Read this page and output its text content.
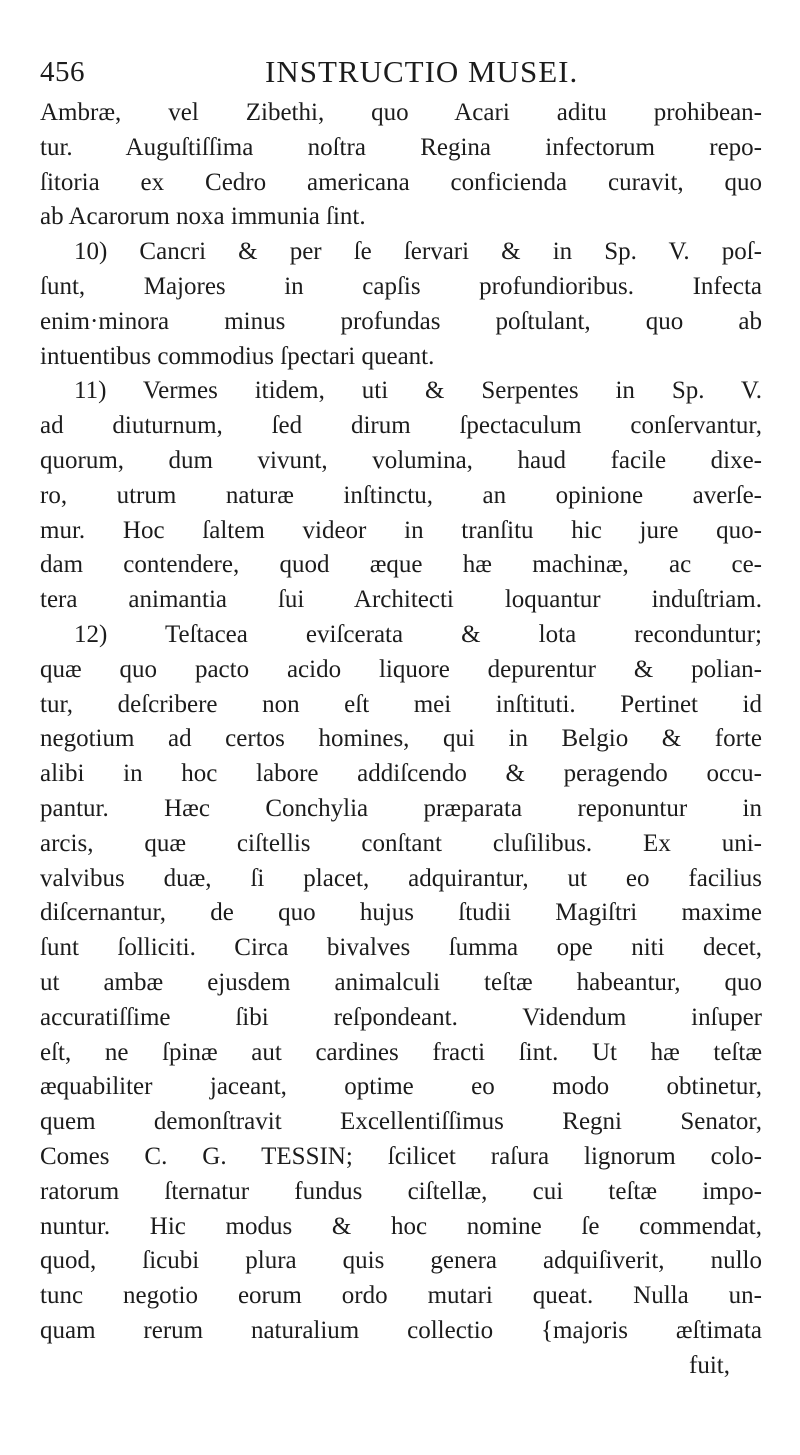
456	INSTRUCTIO MUSEI.
Ambræ, vel Zibethi, quo Acari aditu prohibean-
tur. Auguſtiſſima noſtra Regina infectorum repo-
ſitoria ex Cedro americana conficienda curavit, quo
ab Acarorum noxa immunia ſint.
10) Cancri & per ſe ſervari & in Sp. V. poſ-
ſunt, Majores in capſis profundioribus. Infecta
enim·minora minus profundas poſtulant, quo ab
intuentibus commodius ſpectari queant.
11) Vermes itidem, uti & Serpentes in Sp. V.
ad diuturnum, ſed dirum ſpectaculum conſervantur,
quorum, dum vivunt, volumina, haud facile dixe-
ro, utrum naturæ inſtinctu, an opinione averſe-
mur. Hoc ſaltem videor in tranſitu hic jure quo-
dam contendere, quod æque hæ machinæ, ac ce-
tera animantia ſui Architecti loquantur induſtriam.
12) Teſtacea eviſcerata & lota reconduntur;
quæ quo pacto acido liquore depurentur & polian-
tur, deſcribere non eſt mei inſtituti. Pertinet id
negotium ad certos homines, qui in Belgio & forte
alibi in hoc labore addiſcendo & peragendo occu-
pantur. Hæc Conchylia præparata reponuntur in
arcis, quæ ciſtellis conſtant cluſilibus. Ex uni-
valvibus duæ, ſi placet, adquirantur, ut eo facilius
diſcernantur, de quo hujus ſtudii Magiſtri maxime
ſunt ſolliciti. Circa bivalves ſumma ope niti decet,
ut ambæ ejusdem animalculi teſtæ habeantur, quo
accuratiſſime ſibi reſpondeant. Videndum inſuper
eſt, ne ſpinæ aut cardines fracti ſint. Ut hæ teſtæ
æquabiliter jaceant, optime eo modo obtinetur,
quem demonſtravit Excellentiſſimus Regni Senator,
Comes C. G. TESSIN; ſcilicet raſura lignorum colo-
ratorum ſternatur fundus ciſtellæ, cui teſtæ impo-
nuntur. Hic modus & hoc nomine ſe commendat,
quod, ſicubi plura quis genera adquiſiverit, nullo
tunc negotio eorum ordo mutari queat. Nulla un-
quam rerum naturalium collectio {majoris æſtimata
fuit,
